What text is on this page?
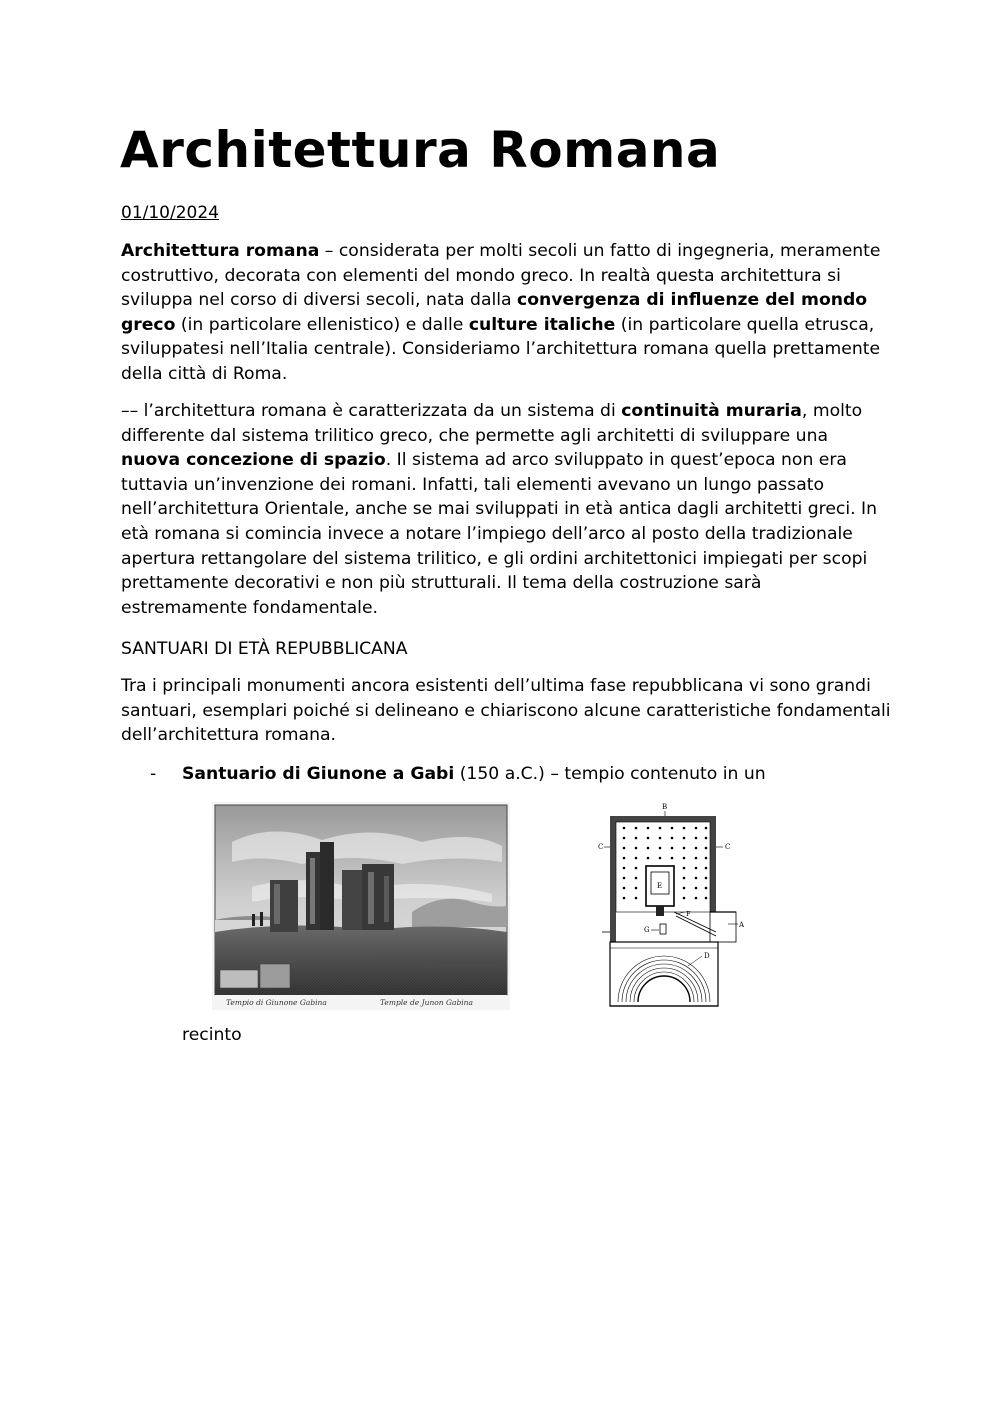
Architettura Romana
01/10/2024

Architettura romana – considerata per molti secoli un fatto di ingegneria, meramente costruttivo, decorata con elementi del mondo greco. In realtà questa architettura si sviluppa nel corso di diversi secoli, nata dalla convergenza di influenze del mondo greco (in particolare ellenistico) e dalle culture italiche (in particolare quella etrusca, sviluppatesi nell’Italia centrale). Consideriamo l’architettura romana quella prettamente della città di Roma.

–– l’architettura romana è caratterizzata da un sistema di continuità muraria, molto differente dal sistema trilitico greco, che permette agli architetti di sviluppare una nuova concezione di spazio. Il sistema ad arco sviluppato in quest’epoca non era tuttavia un’invenzione dei romani. Infatti, tali elementi avevano un lungo passato nell’architettura Orientale, anche se mai sviluppati in età antica dagli architetti greci. In età romana si comincia invece a notare l’impiego dell’arco al posto della tradizionale apertura rettangolare del sistema trilitico, e gli ordini architettonici impiegati per scopi prettamente decorativi e non più strutturali. Il tema della costruzione sarà estremamente fondamentale.

SANTUARI DI ETÀ REPUBBLICANA

Tra i principali monumenti ancora esistenti dell’ultima fase repubblicana vi sono grandi santuari, esemplari poiché si delineano e chiariscono alcune caratteristiche fondamentali dell’architettura romana.

- Santuario di Giunone a Gabi (150 a.C.) – tempio contenuto in un
Tempio di Giunone Gabina	Temple de Junon Gabina
B
E
C	C
F
A
G
D
recinto
